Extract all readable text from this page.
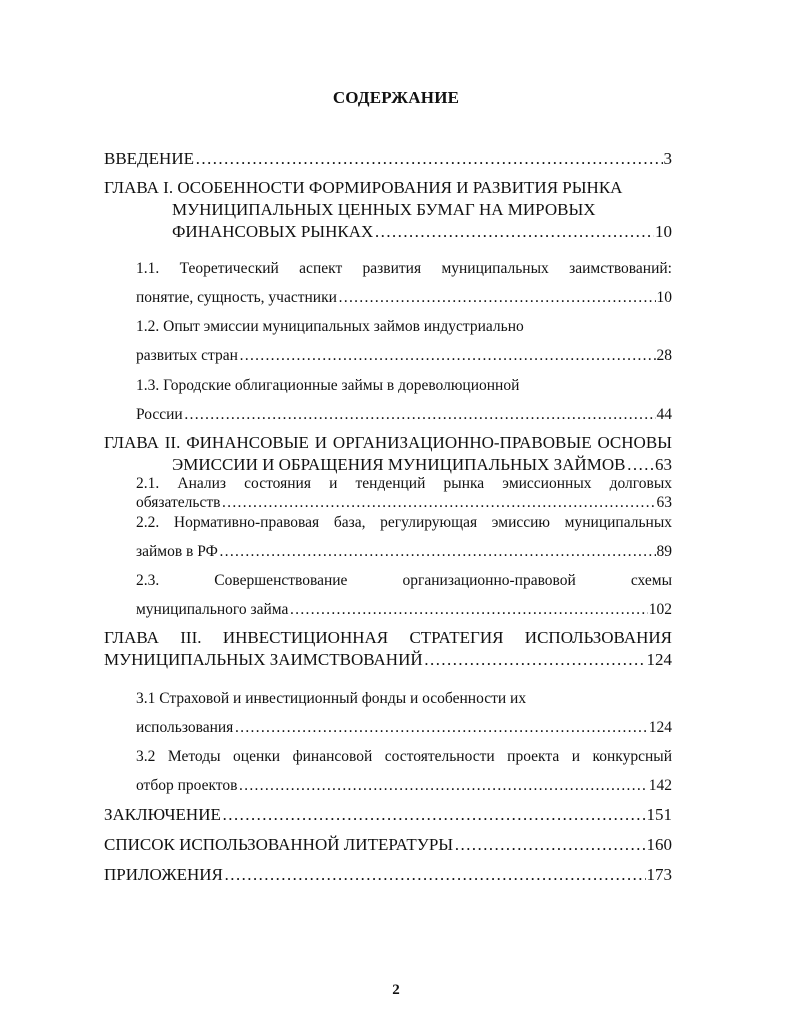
СОДЕРЖАНИЕ
ВВЕДЕНИЕ …………………………………………………………………………………………………………………………………………………………………………………………………………………………………………………………………………	3
ГЛАВА I. ОСОБЕННОСТИ ФОРМИРОВАНИЯ И РАЗВИТИЯ РЫНКА
МУНИЦИПАЛЬНЫХ ЦЕННЫХ БУМАГ НА МИРОВЫХ
ФИНАНСОВЫХ РЫНКАХ …………………………………………………………………………………………………………………………………………………………………………………………………………………………………………………………………………	10
1.1. Теоретический аспект развития муниципальных заимствований:
понятие, сущность, участники …………………………………………………………………………………………………………………………………………………………………………………………………………………………………………………………………………	10
1.2. Опыт эмиссии муниципальных займов индустриально
развитых стран …………………………………………………………………………………………………………………………………………………………………………………………………………………………………………………………………………	28
1.3. Городские облигационные займы в дореволюционной
России …………………………………………………………………………………………………………………………………………………………………………………………………………………………………………………………………………	44
ГЛАВА II. ФИНАНСОВЫЕ И ОРГАНИЗАЦИОННО-ПРАВОВЫЕ ОСНОВЫ
ЭМИССИИ И ОБРАЩЕНИЯ МУНИЦИПАЛЬНЫХ ЗАЙМОВ ………………………………………………………………………………………………………………………………………………………………………………………………………………………………………………………………………… 63
2.1. Анализ состояния и тенденций рынка эмиссионных долговых
обязательств …………………………………………………………………………………………………………………………………………………………………………………………………………………………………………………………………………	63
2.2. Нормативно-правовая база, регулирующая эмиссию муниципальных
займов в РФ …………………………………………………………………………………………………………………………………………………………………………………………………………………………………………………………………………	89
2.3. Совершенствование организационно-правовой схемы
муниципального займа …………………………………………………………………………………………………………………………………………………………………………………………………………………………………………………………………………	102
ГЛАВА III. ИНВЕСТИЦИОННАЯ СТРАТЕГИЯ ИСПОЛЬЗОВАНИЯ
МУНИЦИПАЛЬНЫХ ЗАИМСТВОВАНИЙ …………………………………………………………………………………………………………………………………………………………………………………………………………………………………………………………………………	124
3.1 Страховой и инвестиционный фонды и особенности их
использования …………………………………………………………………………………………………………………………………………………………………………………………………………………………………………………………………………	124
3.2 Методы оценки финансовой состоятельности проекта и конкурсный
отбор проектов …………………………………………………………………………………………………………………………………………………………………………………………………………………………………………………………………………	142
ЗАКЛЮЧЕНИЕ …………………………………………………………………………………………………………………………………………………………………………………………………………………………………………………………………………	151
СПИСОК ИСПОЛЬЗОВАННОЙ ЛИТЕРАТУРЫ …………………………………………………………………………………………………………………………………………………………………………………………………………………………………………………………………………	160
ПРИЛОЖЕНИЯ …………………………………………………………………………………………………………………………………………………………………………………………………………………………………………………………………………	173
2
